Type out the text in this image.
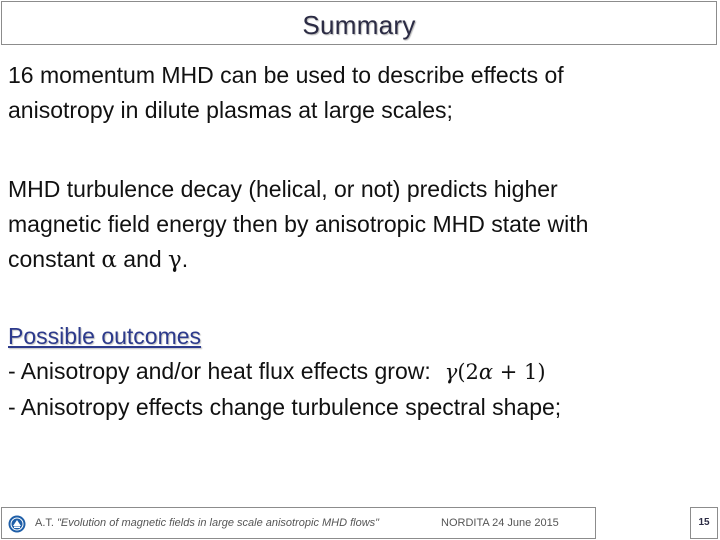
Summary
16 momentum MHD can be used to describe effects of
anisotropy in dilute plasmas at large scales;
MHD turbulence decay (helical, or not) predicts higher
magnetic field energy then by anisotropic MHD state with
constant α and γ.
Possible outcomes
- Anisotropy and/or heat flux effects grow: γ(2α + 1)
- Anisotropy effects change turbulence spectral shape;
A.T. "Evolution of magnetic fields in large scale anisotropic MHD flows"	NORDITA 24 June 2015	15
